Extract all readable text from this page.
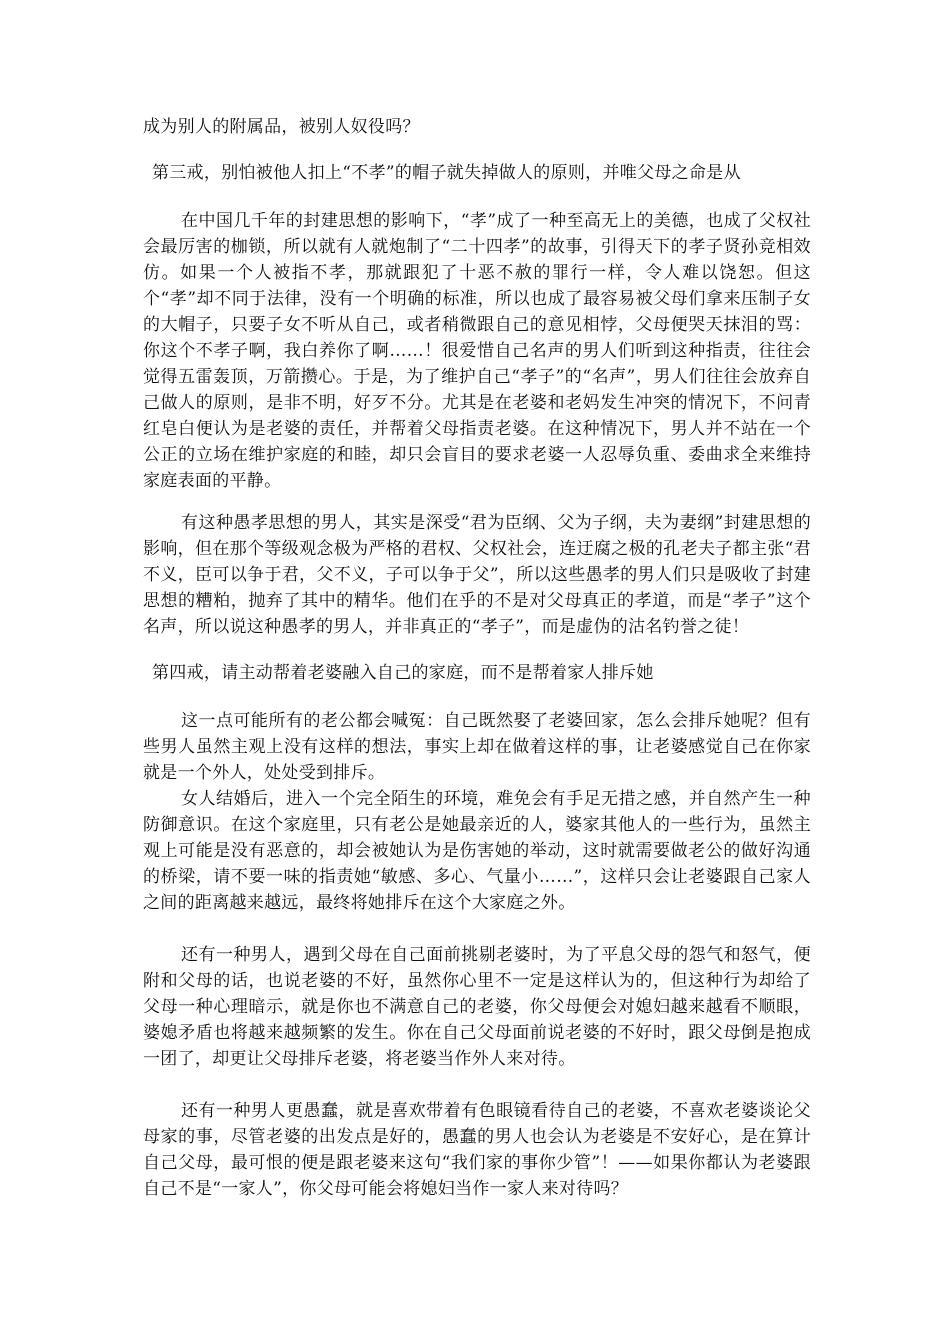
成为别人的附属品，被别人奴役吗？

第三戒，别怕被他人扣上“不孝”的帽子就失掉做人的原则，并唯父母之命是从

在中国几千年的封建思想的影响下，“孝”成了一种至高无上的美德，也成了父权社会最厉害的枷锁，所以就有人就炮制了“二十四孝”的故事，引得天下的孝子贤孙竞相效仿。如果一个人被指不孝，那就跟犯了十恶不赦的罪行一样，令人难以饶恕。但这个“孝”却不同于法律，没有一个明确的标准，所以也成了最容易被父母们拿来压制子女的大帽子，只要子女不听从自己，或者稍微跟自己的意见相悖，父母便哭天抹泪的骂：你这个不孝子啊，我白养你了啊……！很爱惜自己名声的男人们听到这种指责，往往会觉得五雷轰顶，万箭攒心。于是，为了维护自己“孝子”的“名声”，男人们往往会放弃自己做人的原则，是非不明，好歹不分。尤其是在老婆和老妈发生冲突的情况下，不问青红皂白便认为是老婆的责任，并帮着父母指责老婆。在这种情况下，男人并不站在一个公正的立场在维护家庭的和睦，却只会盲目的要求老婆一人忍辱负重、委曲求全来维持家庭表面的平静。

有这种愚孝思想的男人，其实是深受“君为臣纲、父为子纲，夫为妻纲”封建思想的影响，但在那个等级观念极为严格的君权、父权社会，连迂腐之极的孔老夫子都主张“君不义，臣可以争于君，父不义，子可以争于父”，所以这些愚孝的男人们只是吸收了封建思想的糟粕，抛弃了其中的精华。他们在乎的不是对父母真正的孝道，而是“孝子”这个名声，所以说这种愚孝的男人，并非真正的“孝子”，而是虚伪的沽名钓誉之徒！

第四戒，请主动帮着老婆融入自己的家庭，而不是帮着家人排斥她

这一点可能所有的老公都会喊冤：自己既然娶了老婆回家，怎么会排斥她呢？但有些男人虽然主观上没有这样的想法，事实上却在做着这样的事，让老婆感觉自己在你家就是一个外人，处处受到排斥。

女人结婚后，进入一个完全陌生的环境，难免会有手足无措之感，并自然产生一种防御意识。在这个家庭里，只有老公是她最亲近的人，婆家其他人的一些行为，虽然主观上可能是没有恶意的，却会被她认为是伤害她的举动，这时就需要做老公的做好沟通的桥梁，请不要一味的指责她“敏感、多心、气量小……”，这样只会让老婆跟自己家人之间的距离越来越远，最终将她排斥在这个大家庭之外。

还有一种男人，遇到父母在自己面前挑剔老婆时，为了平息父母的怨气和怒气，便附和父母的话，也说老婆的不好，虽然你心里不一定是这样认为的，但这种行为却给了父母一种心理暗示，就是你也不满意自己的老婆，你父母便会对媳妇越来越看不顺眼，婆媳矛盾也将越来越频繁的发生。你在自己父母面前说老婆的不好时，跟父母倒是抱成一团了，却更让父母排斥老婆，将老婆当作外人来对待。

还有一种男人更愚蠢，就是喜欢带着有色眼镜看待自己的老婆，不喜欢老婆谈论父母家的事，尽管老婆的出发点是好的，愚蠢的男人也会认为老婆是不安好心，是在算计自己父母，最可恨的便是跟老婆来这句“我们家的事你少管”！——如果你都认为老婆跟自己不是“一家人”，你父母可能会将媳妇当作一家人来对待吗？
